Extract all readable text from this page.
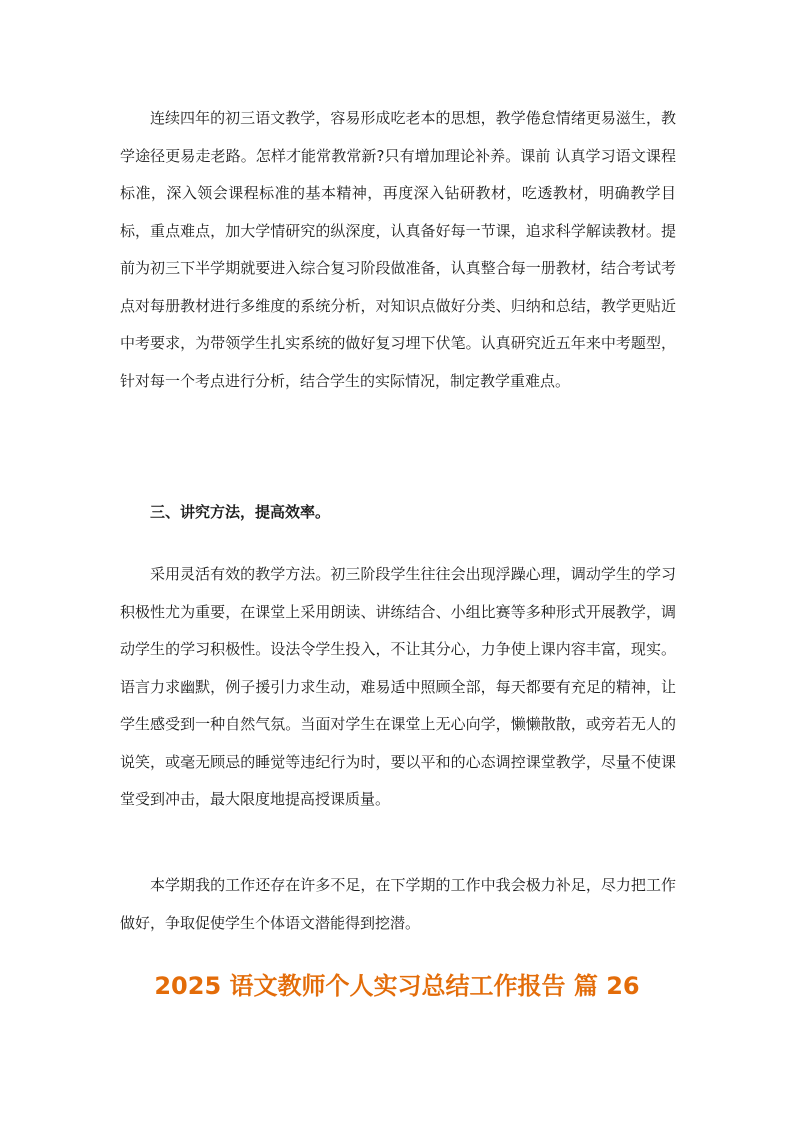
连续四年的初三语文教学，容易形成吃老本的思想，教学倦怠情绪更易滋生，教学途径更易走老路。怎样才能常教常新?只有增加理论补养。课前 认真学习语文课程标准，深入领会课程标准的基本精神，再度深入钻研教材，吃透教材，明确教学目标，重点难点，加大学情研究的纵深度，认真备好每一节课，追求科学解读教材。提前为初三下半学期就要进入综合复习阶段做准备，认真整合每一册教材，结合考试考点对每册教材进行多维度的系统分析，对知识点做好分类、归纳和总结，教学更贴近中考要求，为带领学生扎实系统的做好复习埋下伏笔。认真研究近五年来中考题型，针对每一个考点进行分析，结合学生的实际情况，制定教学重难点。

三、讲究方法，提高效率。

采用灵活有效的教学方法。初三阶段学生往往会出现浮躁心理，调动学生的学习积极性尤为重要，在课堂上采用朗读、讲练结合、小组比赛等多种形式开展教学，调动学生的学习积极性。设法令学生投入，不让其分心，力争使上课内容丰富，现实。语言力求幽默，例子援引力求生动，难易适中照顾全部，每天都要有充足的精神，让学生感受到一种自然气氛。当面对学生在课堂上无心向学，懒懒散散，或旁若无人的说笑，或毫无顾忌的睡觉等违纪行为时，要以平和的心态调控课堂教学，尽量不使课堂受到冲击，最大限度地提高授课质量。

本学期我的工作还存在许多不足，在下学期的工作中我会极力补足，尽力把工作做好，争取促使学生个体语文潜能得到挖潜。

2025 语文教师个人实习总结工作报告 篇 26
